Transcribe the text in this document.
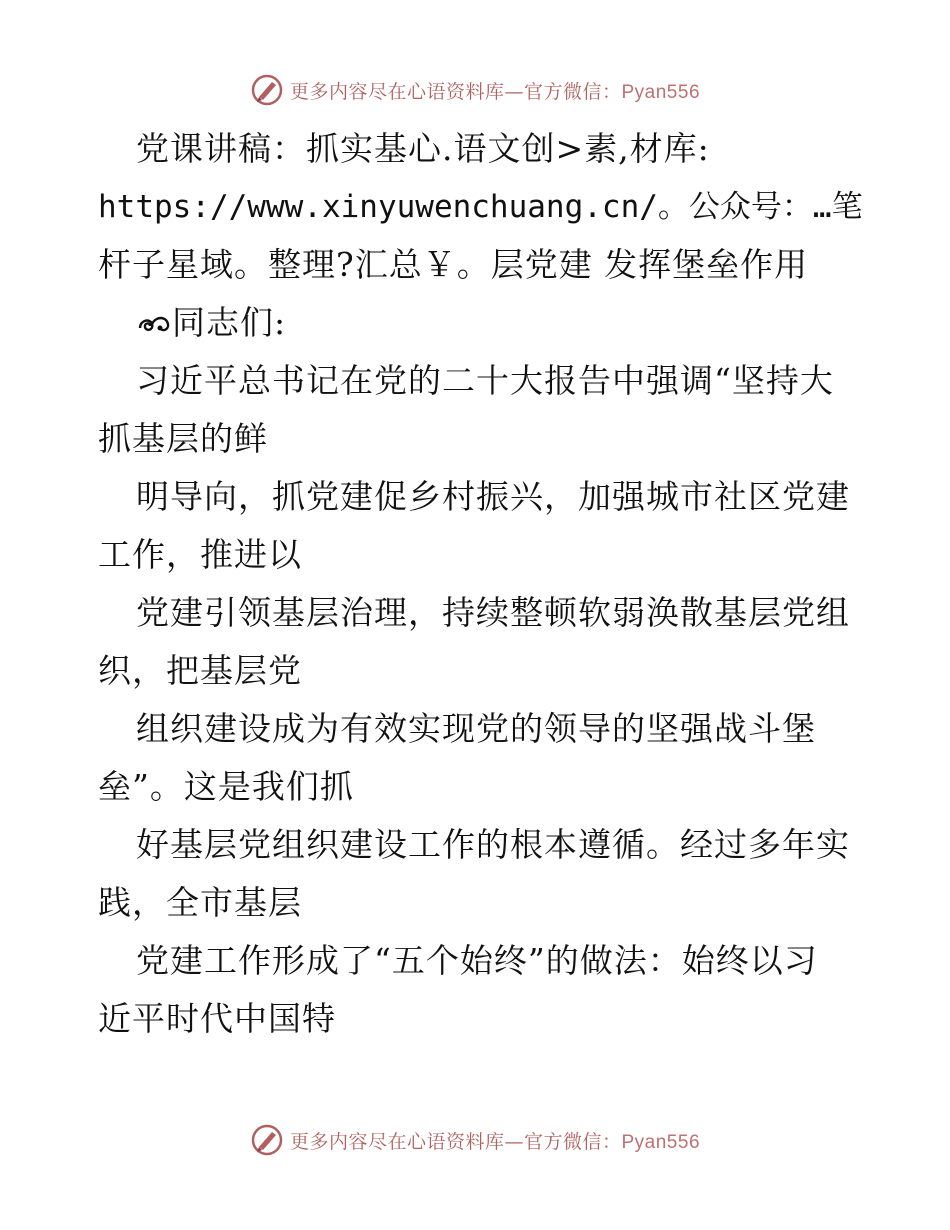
更多内容尽在心语资料库—官方微信：Pyan556
党课讲稿：抓实基心.语文创>素,材库:
https://www.xinyuwenchuang.cn/。公众号：…笔
杆子星域。整理?汇总￥。层党建 发挥堡垒作用
同志们:
习近平总书记在党的二十大报告中强调“坚持大
抓基层的鲜
明导向，抓党建促乡村振兴，加强城市社区党建
工作，推进以
党建引领基层治理，持续整顿软弱涣散基层党组
织，把基层党
组织建设成为有效实现党的领导的坚强战斗堡
垒”。这是我们抓
好基层党组织建设工作的根本遵循。经过多年实
践，全市基层
党建工作形成了“五个始终”的做法：始终以习
近平时代中国特
更多内容尽在心语资料库—官方微信：Pyan556
